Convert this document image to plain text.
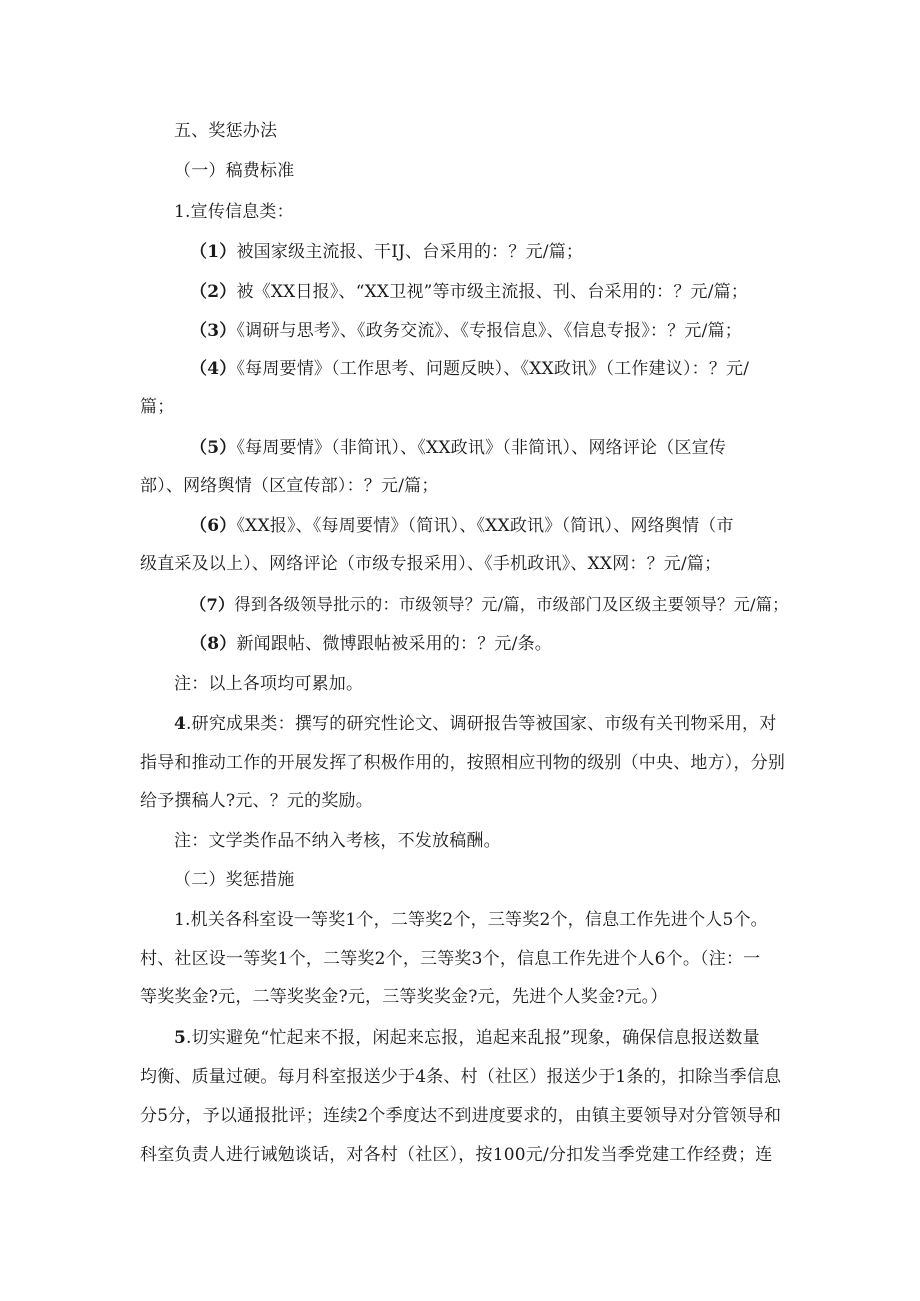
五、奖惩办法
（一）稿费标准
1.宣传信息类：
（1）被国家级主流报、干IJ、台采用的：？元/篇；
（2）被《XX日报》、“XX卫视”等市级主流报、刊、台采用的：？元/篇；
（3）《调研与思考》、《政务交流》、《专报信息》、《信息专报》：？元/篇；
（4）《每周要情》（工作思考、问题反映）、《XX政讯》（工作建议）：？元/
篇；
（5）《每周要情》（非简讯）、《XX政讯》（非简讯）、网络评论（区宣传
部）、网络舆情（区宣传部）：？元/篇；
（6）《XX报》、《每周要情》（简讯）、《XX政讯》（简讯）、网络舆情（市
级直采及以上）、网络评论（市级专报采用）、《手机政讯》、XX网：？元/篇；
（7）得到各级领导批示的：市级领导？元/篇，市级部门及区级主要领导？元/篇；
（8）新闻跟帖、微博跟帖被采用的：？元/条。
注：以上各项均可累加。
4.研究成果类：撰写的研究性论文、调研报告等被国家、市级有关刊物采用，对
指导和推动工作的开展发挥了积极作用的，按照相应刊物的级别（中央、地方），分别
给予撰稿人?元、？元的奖励。
注：文学类作品不纳入考核，不发放稿酬。
（二）奖惩措施
1.机关各科室设一等奖1个，二等奖2个，三等奖2个，信息工作先进个人5个。
村、社区设一等奖1个，二等奖2个，三等奖3个，信息工作先进个人6个。（注：一
等奖奖金?元，二等奖奖金?元，三等奖奖金?元，先进个人奖金?元。）
5.切实避免“忙起来不报，闲起来忘报，追起来乱报”现象，确保信息报送数量
均衡、质量过硬。每月科室报送少于4条、村（社区）报送少于1条的，扣除当季信息
分5分，予以通报批评；连续2个季度达不到进度要求的，由镇主要领导对分管领导和
科室负责人进行诫勉谈话，对各村（社区），按100元/分扣发当季党建工作经费；连
